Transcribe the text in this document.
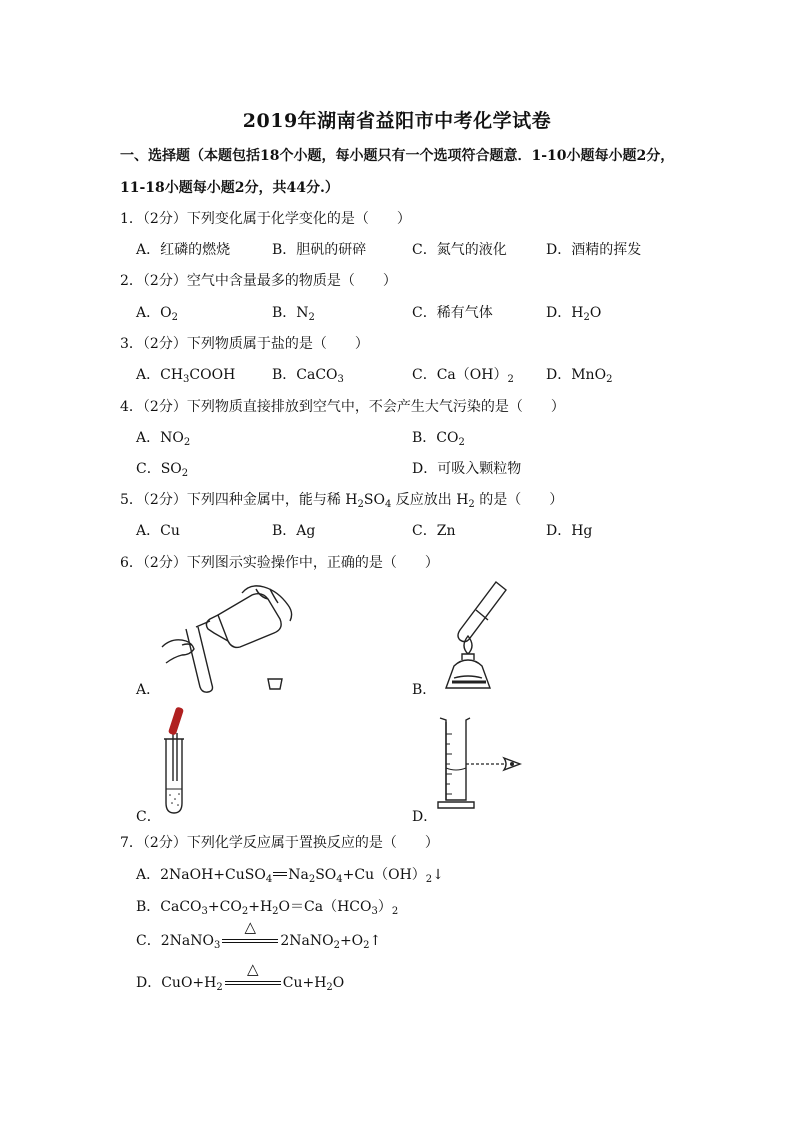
2019年湖南省益阳市中考化学试卷
一、选择题（本题包括18个小题，每小题只有一个选项符合题意．1-10小题每小题2分，
11-18小题每小题2分，共44分.）
1．（2分）下列变化属于化学变化的是（　　）
A．红磷的燃烧	B．胆矾的研碎	C．氮气的液化	D．酒精的挥发
2．（2分）空气中含量最多的物质是（　　）
A．$O_2$	B．$N_2$	C．稀有气体	D．$H_2O$
3．（2分）下列物质属于盐的是（　　）
A．$CH_3COOH$	B．CaCO$_3$	C．$Ca(OH)_2$ D．MnO$_2$
4．（2分）下列物质直接排放到空气中，不会产生大气污染的是（　　）
A．$NO_2$	B．$CO_2$
C．$SO_2$	D．可吸入颗粒物
5．（2分）下列四种金属中，能与稀 $H_2SO_4$ 反应放出 $H_2$ 的是（　　）
A．Cu	B．Ag	C．Zn	D．Hg
6．（2分）下列图示实验操作中，正确的是（　　）
A．	B．
C．	D．
7．（2分）下列化学反应属于置换反应的是（　　）
A．2NaOH+CuSO$_4$ $Na_2SO_4+Cu(OH)_2↓$
B．$CaCO_3+CO_2+H_2O=Ca(HCO_3)_2$
C．2NaNO$_3$
△
$2NaNO_2+O_2↑$
D．$CuO+H_2$
△
$Cu+H_2O$
